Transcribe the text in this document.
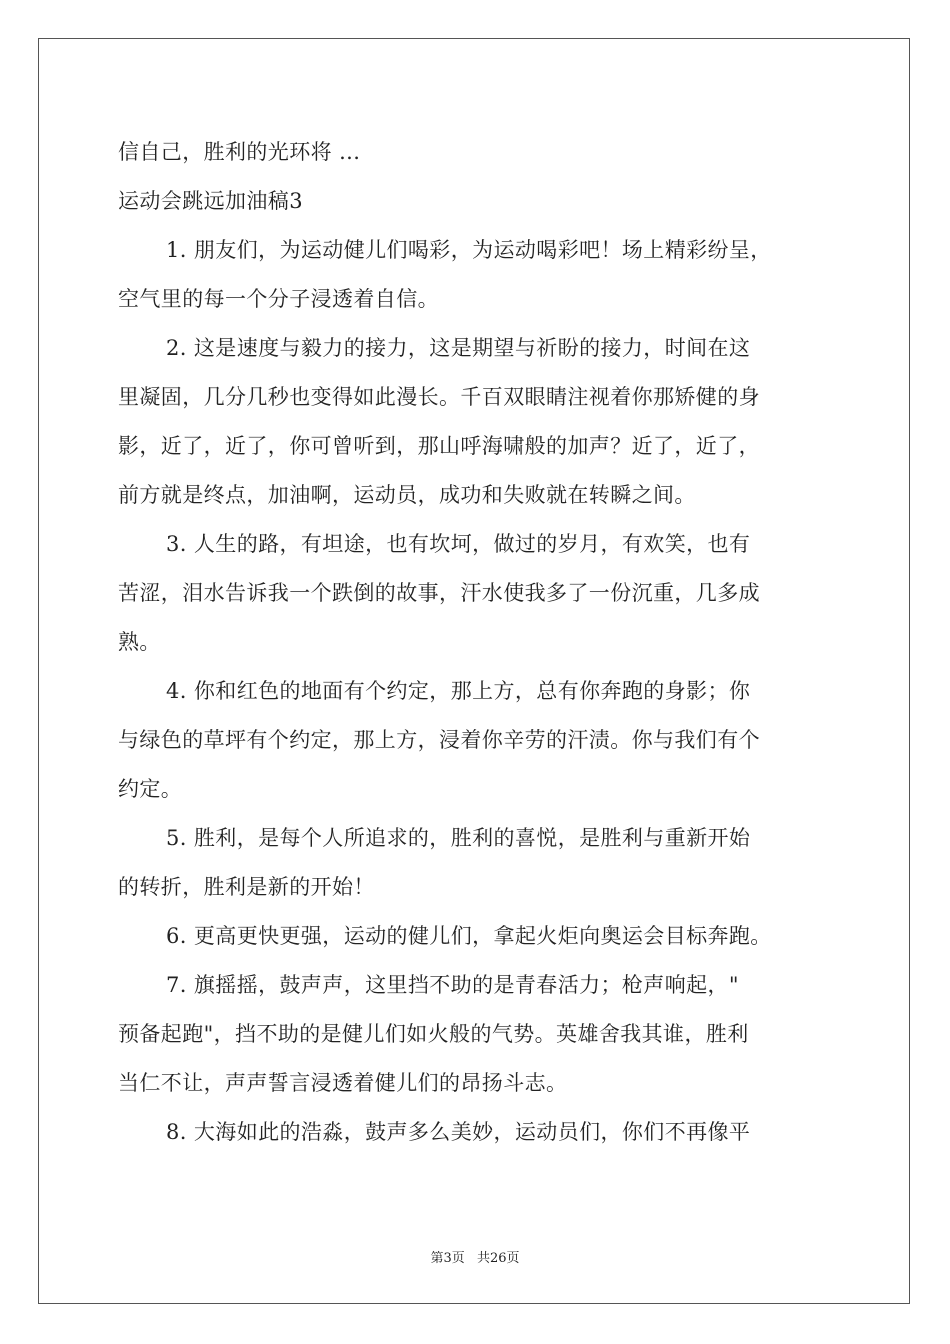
信自己，胜利的光环将 ...
运动会跳远加油稿3
1. 朋友们，为运动健儿们喝彩，为运动喝彩吧！场上精彩纷呈，
空气里的每一个分子浸透着自信。
2. 这是速度与毅力的接力，这是期望与祈盼的接力，时间在这
里凝固，几分几秒也变得如此漫长。千百双眼睛注视着你那矫健的身
影，近了，近了，你可曾听到，那山呼海啸般的加声？近了，近了，
前方就是终点，加油啊，运动员，成功和失败就在转瞬之间。
3. 人生的路，有坦途，也有坎坷，做过的岁月，有欢笑，也有
苦涩，泪水告诉我一个跌倒的故事，汗水使我多了一份沉重，几多成
熟。
4. 你和红色的地面有个约定，那上方，总有你奔跑的身影；你
与绿色的草坪有个约定，那上方，浸着你辛劳的汗渍。你与我们有个
约定。
5. 胜利，是每个人所追求的，胜利的喜悦，是胜利与重新开始
的转折，胜利是新的开始！
6. 更高更快更强，运动的健儿们，拿起火炬向奥运会目标奔跑。
7. 旗摇摇，鼓声声，这里挡不助的是青春活力；枪声响起，"
预备起跑"，挡不助的是健儿们如火般的气势。英雄舍我其谁，胜利
当仁不让，声声誓言浸透着健儿们的昂扬斗志。
8. 大海如此的浩淼，鼓声多么美妙，运动员们，你们不再像平
第3页 共26页
